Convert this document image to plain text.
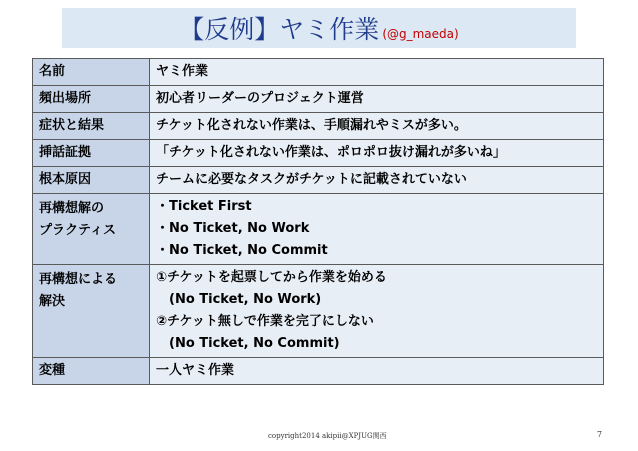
【反例】ヤミ作業 (@g_maeda)
名前	ヤミ作業
頻出場所	初心者リーダーのプロジェクト運営
症状と結果	チケット化されない作業は、手順漏れやミスが多い。
挿話証拠	「チケット化されない作業は、ポロポロ抜け漏れが多いね」
根本原因	チームに必要なタスクがチケットに記載されていない

再構想解の
プラクティス	・Ticket First
・No Ticket, No Work
・No Ticket, No Commit

再構想による
解決	①チケットを起票してから作業を始める
　(No Ticket, No Work)
②チケット無しで作業を完了にしない
　(No Ticket, No Commit)

変種	一人ヤミ作業
copyright2014 akipii@XPJUG関西	7
